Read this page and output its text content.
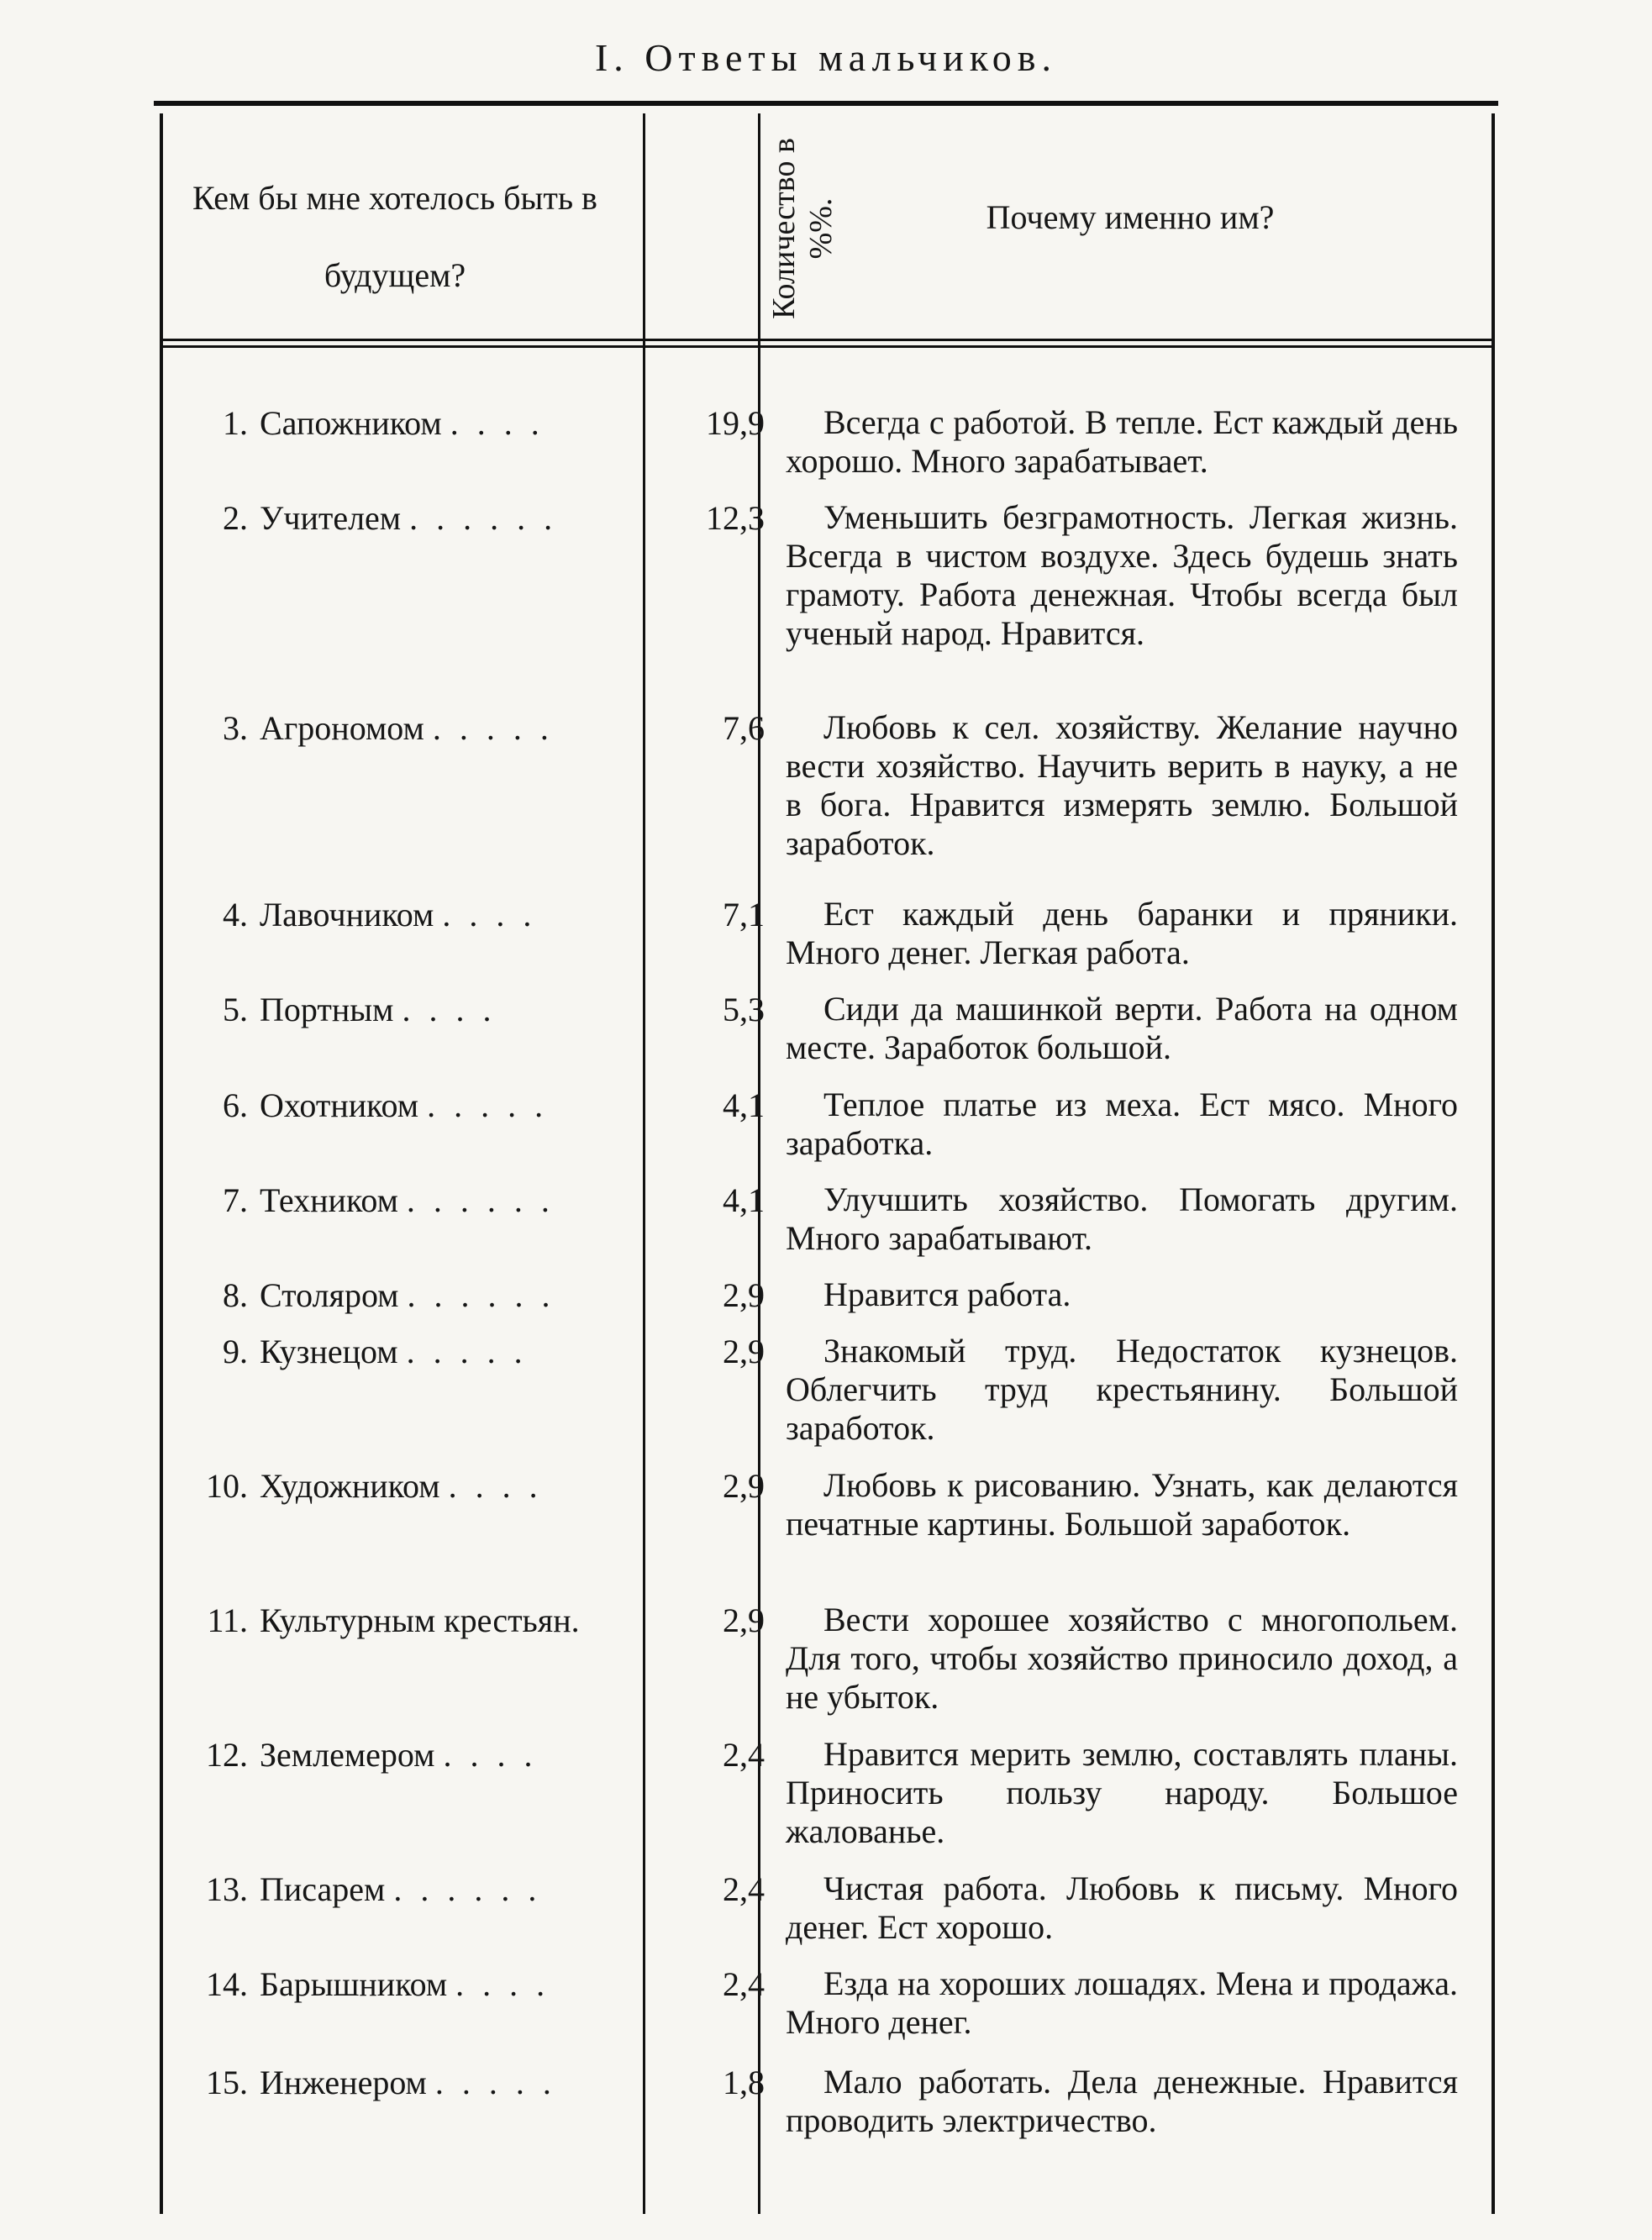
I. Ответы мальчиков.
Кем бы мне хотелось быть в будущем?	Количество в %%.	Почему именно им?
1. Сапожником . . . .	19,9	Всегда с работой. В тепле. Ест каждый день хорошо. Много зарабатывает.
2. Учителем . . . . . .	12,3	Уменьшить безграмотность. Легкая жизнь. Всегда в чистом воздухе. Здесь будешь знать грамоту. Работа денежная. Чтобы всегда был ученый народ. Нравится.
3. Агрономом . . . . .	7,6	Любовь к сел. хозяйству. Желание научно вести хозяйство. Научить верить в науку, а не в бога. Нравится измерять землю. Большой заработок.
4. Лавочником . . . .	7,1	Ест каждый день баранки и пряники. Много денег. Легкая работа.
5. Портным . . . .	5,3	Сиди да машинкой верти. Работа на одном месте. Заработок большой.
6. Охотником . . . . .	4,1	Теплое платье из меха. Ест мясо. Много заработка.
7. Техником . . . . . .	4,1	Улучшить хозяйство. Помогать другим. Много зарабатывают.
8. Столяром . . . . . .	2,9	Нравится работа.
9. Кузнецом . . . . .	2,9	Знакомый труд. Недостаток кузнецов. Облегчить труд крестьянину. Большой заработок.
10. Художником . . . .	2,9	Любовь к рисованию. Узнать, как делаются печатные картины. Большой заработок.
11. Культурным крестьян.	2,9	Вести хорошее хозяйство с многопольем. Для того, чтобы хозяйство приносило доход, а не убыток.
12. Землемером . . . .	2,4	Нравится мерить землю, составлять планы. Приносить пользу народу. Большое жалованье.
13. Писарем . . . . . .	2,4	Чистая работа. Любовь к письму. Много денег. Ест хорошо.
14. Барышником . . . .	2,4	Езда на хороших лошадях. Мена и продажа. Много денег.
15. Инженером . . . . .	1,8	Мало работать. Дела денежные. Нравится проводить электричество.
